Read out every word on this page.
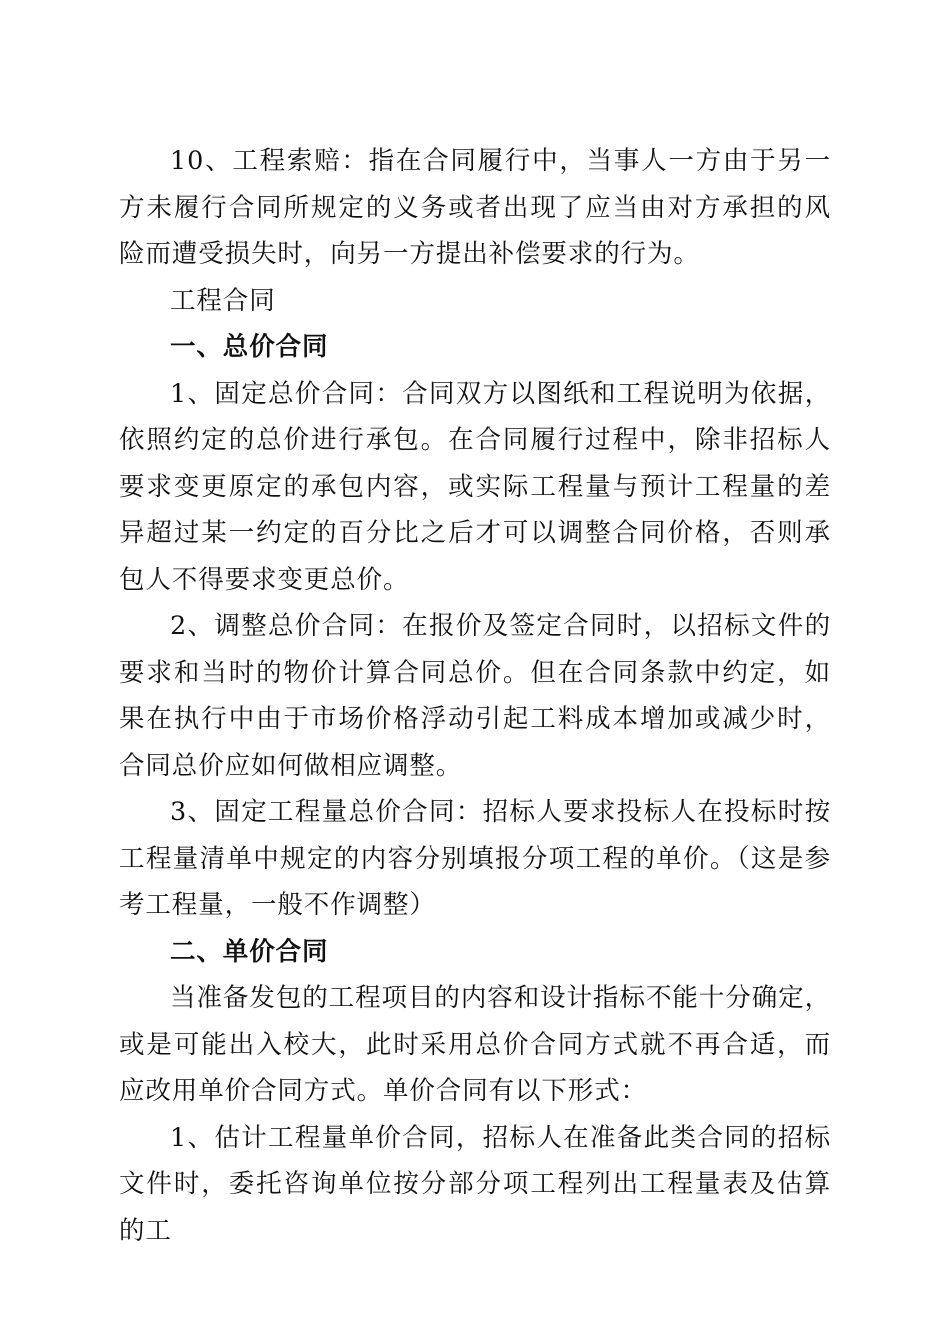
10、工程索赔：指在合同履行中，当事人一方由于另一方未履行合同所规定的义务或者出现了应当由对方承担的风险而遭受损失时，向另一方提出补偿要求的行为。

工程合同

一、总价合同

1、固定总价合同：合同双方以图纸和工程说明为依据，依照约定的总价进行承包。在合同履行过程中，除非招标人要求变更原定的承包内容，或实际工程量与预计工程量的差异超过某一约定的百分比之后才可以调整合同价格，否则承包人不得要求变更总价。

2、调整总价合同：在报价及签定合同时，以招标文件的要求和当时的物价计算合同总价。但在合同条款中约定，如果在执行中由于市场价格浮动引起工料成本增加或减少时，合同总价应如何做相应调整。

3、固定工程量总价合同：招标人要求投标人在投标时按工程量清单中规定的内容分别填报分项工程的单价。（这是参考工程量，一般不作调整）

二、单价合同

当准备发包的工程项目的内容和设计指标不能十分确定，或是可能出入校大，此时采用总价合同方式就不再合适，而应改用单价合同方式。单价合同有以下形式：

1、估计工程量单价合同，招标人在准备此类合同的招标文件时，委托咨询单位按分部分项工程列出工程量表及估算的工
